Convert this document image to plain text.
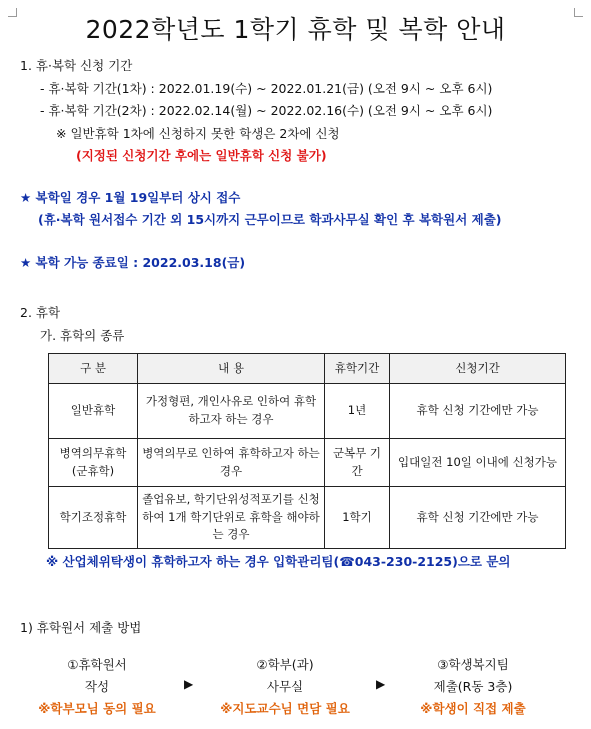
2022학년도 1학기 휴학 및 복학 안내
1. 휴·복학 신청 기간
- 휴·복학 기간(1차) : 2022.01.19(수) ~ 2022.01.21(금) (오전 9시 ~ 오후 6시)
- 휴·복학 기간(2차) : 2022.02.14(월) ~ 2022.02.16(수) (오전 9시 ~ 오후 6시)
※ 일반휴학 1차에 신청하지 못한 학생은 2차에 신청
(지정된 신청기간 후에는 일반휴학 신청 불가)
★ 복학일 경우 1월 19일부터 상시 접수
(휴·복학 원서접수 기간 외 15시까지 근무이므로 학과사무실 확인 후 복학원서 제출)
★ 복학 가능 종료일 : 2022.03.18(금)
2. 휴학
가. 휴학의 종류
구 분	내 용	휴학기간	신청기간
일반휴학	가정형편, 개인사유로 인하여 휴학하고자 하는 경우	1년	휴학 신청 기간에만 가능
병역의무휴학 (군휴학)	병역의무로 인하여 휴학하고자 하는 경우	군복무 기간	입대일전 10일 이내에 신청가능
학기조정휴학	졸업유보, 학기단위성적포기를 신청하여 1개 학기단위로 휴학을 해야하는 경우	1학기	휴학 신청 기간에만 가능
※ 산업체위탁생이 휴학하고자 하는 경우 입학관리팀(☎043-230-2125)으로 문의
1) 휴학원서 제출 방법
①휴학원서
작성
※학부모님 동의 필요
▶
②학부(과)
사무실
※지도교수님 면담 필요
▶
③학생복지팀
제출(R동 3층)
※학생이 직접 제출
